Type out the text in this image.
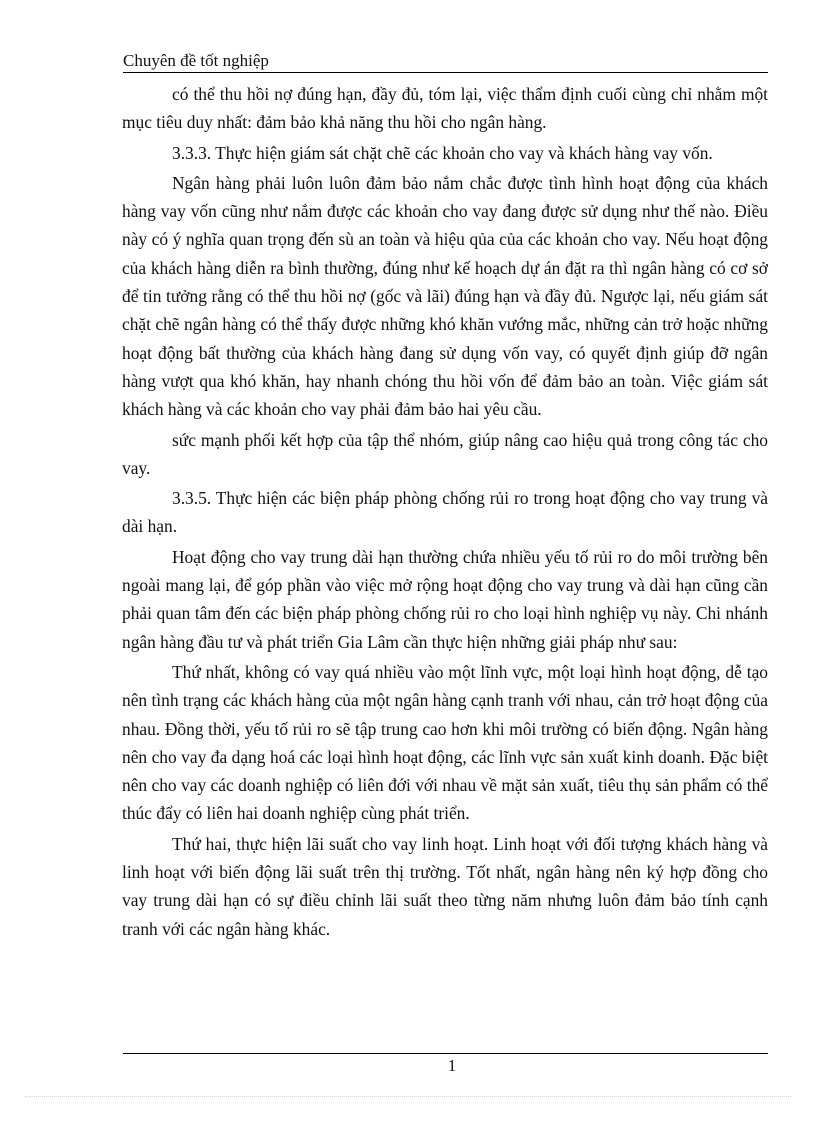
Chuyên đề tốt nghiệp

có thể thu hồi nợ đúng hạn, đầy đủ, tóm lại, việc thẩm định cuối cùng chỉ nhằm một mục tiêu duy nhất: đảm bảo khả năng thu hồi cho ngân hàng.

3.3.3. Thực hiện giám sát chặt chẽ các khoản cho vay và khách hàng vay vốn.

Ngân hàng phải luôn luôn đảm bảo nắm chắc được tình hình hoạt động của khách hàng vay vốn cũng như nắm được các khoản cho vay đang được sử dụng như thế nào. Điều này có ý nghĩa quan trọng đến sù an toàn và hiệu qủa của các khoản cho vay. Nếu hoạt động của khách hàng diễn ra bình thường, đúng như kế hoạch dự án đặt ra thì ngân hàng có cơ sở để tin tưởng rằng có thể thu hồi nợ (gốc và lãi) đúng hạn và đầy đủ. Ngược lại, nếu giám sát chặt chẽ ngân hàng có thể thấy được những khó khăn vướng mắc, những cản trở hoặc những hoạt động bất thường của khách hàng đang sử dụng vốn vay, có quyết định giúp đỡ ngân hàng vượt qua khó khăn, hay nhanh chóng thu hồi vốn để đảm bảo an toàn. Việc giám sát khách hàng và các khoản cho vay phải đảm bảo hai yêu cầu.

sức mạnh phối kết hợp của tập thể nhóm, giúp nâng cao hiệu quả trong công tác cho vay.

3.3.5. Thực hiện các biện pháp phòng chống rủi ro trong hoạt động cho vay trung và dài hạn.

Hoạt động cho vay trung dài hạn thường chứa nhiều yếu tố rủi ro do môi trường bên ngoài mang lại, để góp phần vào việc mở rộng hoạt động cho vay trung và dài hạn cũng cần phải quan tâm đến các biện pháp phòng chống rủi ro cho loại hình nghiệp vụ này. Chi nhánh ngân hàng đầu tư và phát triển Gia Lâm cần thực hiện những giải pháp như sau:

Thứ nhất, không có vay quá nhiều vào một lĩnh vực, một loại hình hoạt động, dễ tạo nên tình trạng các khách hàng của một ngân hàng cạnh tranh với nhau, cản trở hoạt động của nhau. Đồng thời, yếu tố rủi ro sẽ tập trung cao hơn khi môi trường có biến động. Ngân hàng nên cho vay đa dạng hoá các loại hình hoạt động, các lĩnh vực sản xuất kinh doanh. Đặc biệt nên cho vay các doanh nghiệp có liên đới với nhau về mặt sản xuất, tiêu thụ sản phẩm có thể thúc đẩy có liên hai doanh nghiệp cùng phát triển.

Thứ hai, thực hiện lãi suất cho vay linh hoạt. Linh hoạt với đối tượng khách hàng và linh hoạt với biến động lãi suất trên thị trường. Tốt nhất, ngân hàng nên ký hợp đồng cho vay trung dài hạn có sự điều chỉnh lãi suất theo từng năm nhưng luôn đảm bảo tính cạnh tranh với các ngân hàng khác.

1
